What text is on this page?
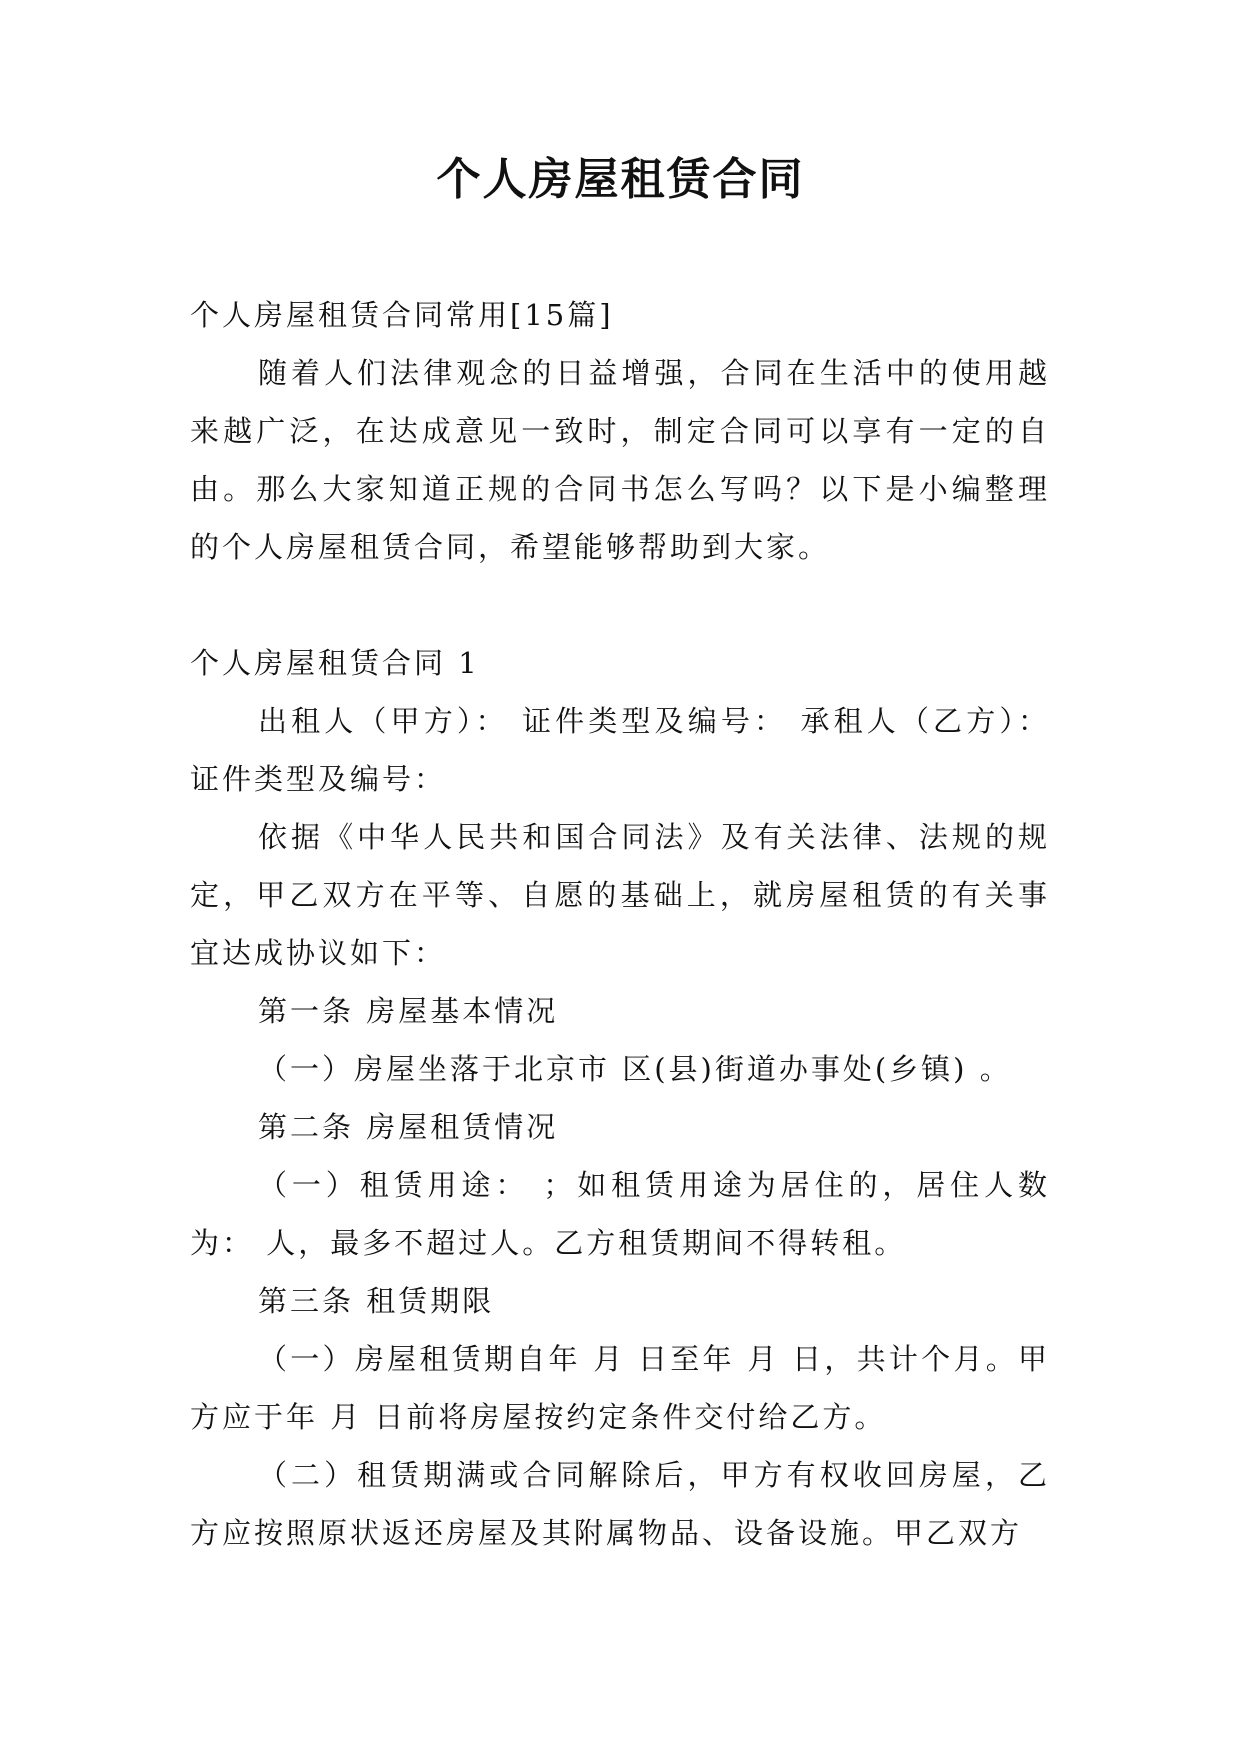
个人房屋租赁合同

个人房屋租赁合同常用[15篇]

随着人们法律观念的日益增强，合同在生活中的使用越来越广泛，在达成意见一致时，制定合同可以享有一定的自由。那么大家知道正规的合同书怎么写吗？以下是小编整理的个人房屋租赁合同，希望能够帮助到大家。

个人房屋租赁合同 1

出租人（甲方）： 证件类型及编号： 承租人（乙方）：证件类型及编号：

依据《中华人民共和国合同法》及有关法律、法规的规定，甲乙双方在平等、自愿的基础上，就房屋租赁的有关事宜达成协议如下：

第一条 房屋基本情况

（一）房屋坐落于北京市 区(县)街道办事处(乡镇) 。

第二条 房屋租赁情况

（一）租赁用途： ；如租赁用途为居住的，居住人数为： 人，最多不超过人。乙方租赁期间不得转租。

第三条 租赁期限

（一）房屋租赁期自年 月 日至年 月 日，共计个月。甲方应于年 月 日前将房屋按约定条件交付给乙方。

（二）租赁期满或合同解除后，甲方有权收回房屋，乙方应按照原状返还房屋及其附属物品、设备设施。甲乙双方
